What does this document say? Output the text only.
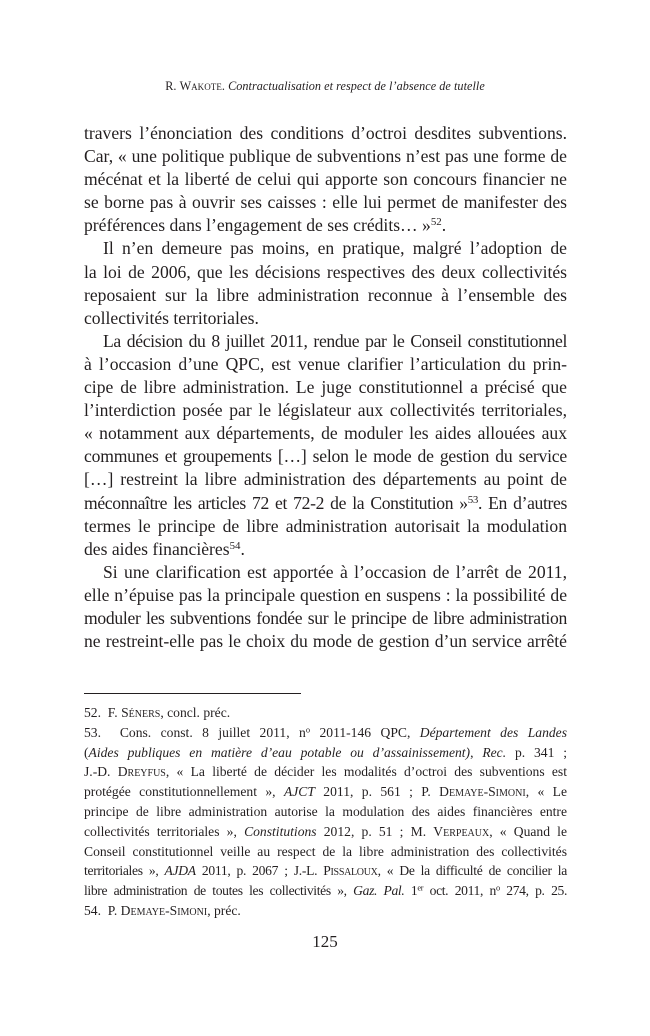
R. Wakote. Contractualisation et respect de l’absence de tutelle

travers l’énonciation des conditions d’octroi desdites subventions.
Car, « une politique publique de subventions n’est pas une forme de
mécénat et la liberté de celui qui apporte son concours financier ne
se borne pas à ouvrir ses caisses : elle lui permet de manifester des
préférences dans l’engagement de ses crédits… »$^{52}$.

Il n’en demeure pas moins, en pratique, malgré l’adoption de
la loi de 2006, que les décisions respectives des deux collectivités
reposaient sur la libre administration reconnue à l’ensemble des
collectivités territoriales.

La décision du 8 juillet 2011, rendue par le Conseil constitutionnel
à l’occasion d’une QPC, est venue clarifier l’articulation du prin-
cipe de libre administration. Le juge constitutionnel a précisé que
l’interdiction posée par le législateur aux collectivités territoriales,
« notamment aux départements, de moduler les aides allouées aux
communes et groupements […] selon le mode de gestion du service
[…] restreint la libre administration des départements au point de
méconnaître les articles 72 et 72-2 de la Constitution »$^{53}$. En d’autres
termes le principe de libre administration autorisait la modulation
des aides financières$^{54}$.

Si une clarification est apportée à l’occasion de l’arrêt de 2011,
elle n’épuise pas la principale question en suspens : la possibilité de
moduler les subventions fondée sur le principe de libre administration
ne restreint-elle pas le choix du mode de gestion d’un service arrêté

52. F. Séners, concl. préc.
53. Cons. const. 8 juillet 2011, $n^o$ 2011-146 QPC, Département des Landes
(Aides publiques en matière d’eau potable ou d’assainissement), Rec. p. 341 ;
J.-D. Dreyfus, « La liberté de décider les modalités d’octroi des subventions est
protégée constitutionnellement », AJCT 2011, p. 561 ; P. Demaye-Simoni, « Le
principe de libre administration autorise la modulation des aides financières entre
collectivités territoriales », Constitutions 2012, p. 51 ; M. Verpeaux, « Quand le
Conseil constitutionnel veille au respect de la libre administration des collectivités
territoriales », AJDA 2011, p. 2067 ; J.-L. Pissaloux, « De la difficulté de concilier la
libre administration de toutes les collectivités », Gaz. Pal. 1er oct. 2011, $n^o$ 274, p. 25.
54. P. Demaye-Simoni, préc.
125
